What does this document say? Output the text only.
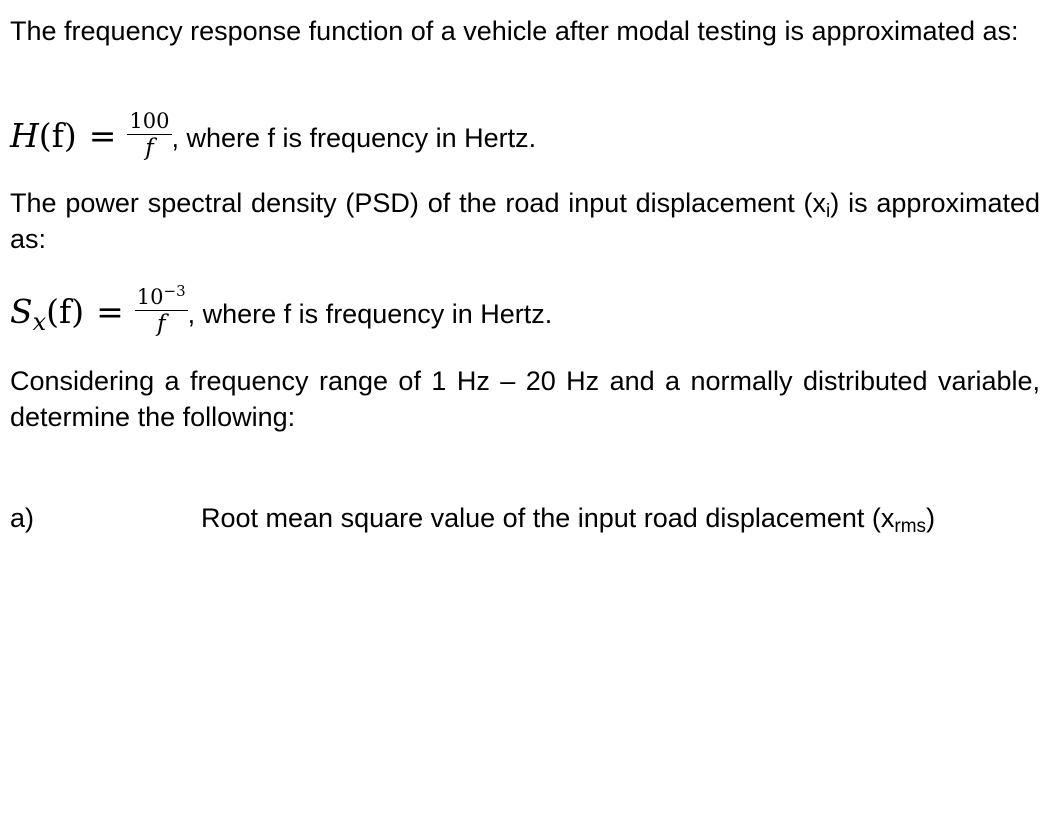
The frequency response function of a vehicle after modal testing is approximated as:

$H(f) = \frac{100}{f}$ , where f is frequency in Hertz.

The power spectral density (PSD) of the road input displacement $(x_i)$ is approximated as:

$S_x(f) = \frac{10^{-3}}{f}$ , where f is frequency in Hertz.

Considering a frequency range of 1 Hz – 20 Hz and a normally distributed variable, determine the following:

a)	Root mean square value of the input road displacement $(x_{rms})$
